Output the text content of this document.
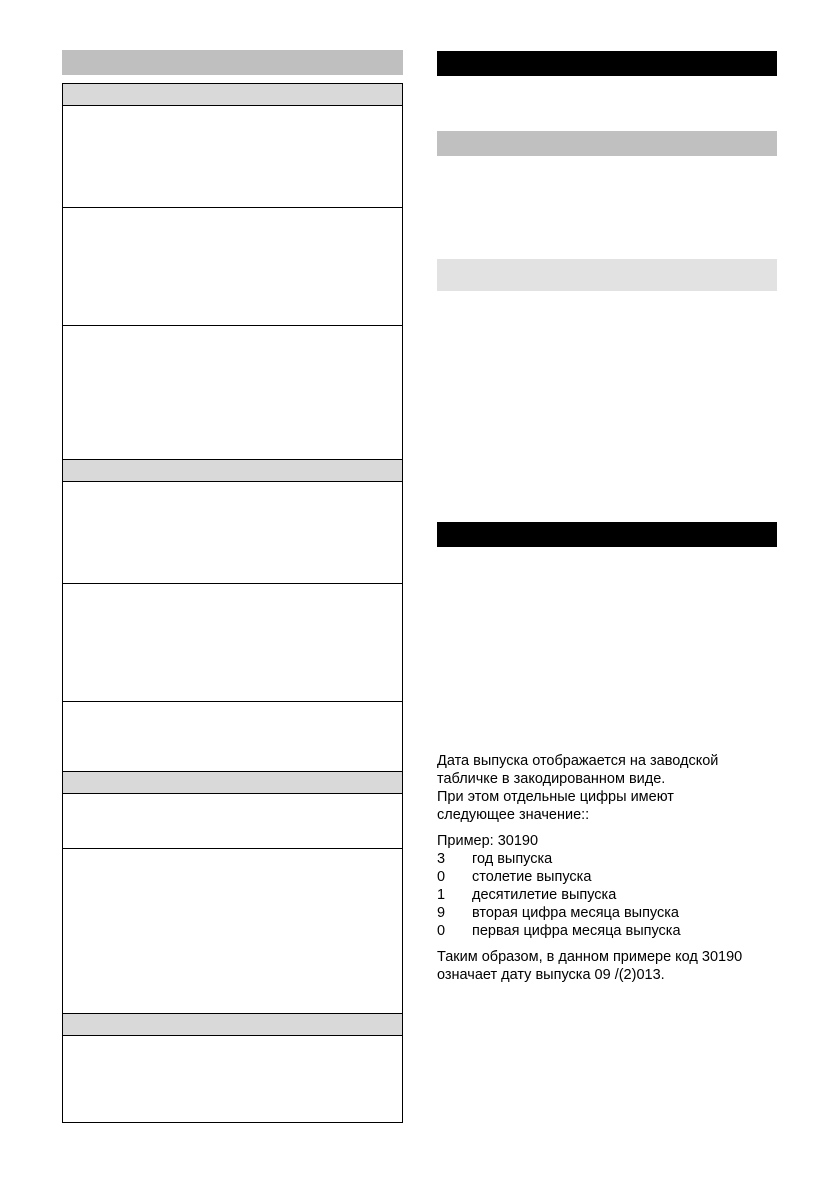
Дата выпуска отображается на заводской

табличке в закодированном виде.

При этом отдельные цифры имеют

следующее значение::

Пример: 30190

3	год выпуска
0	столетие выпуска
1	десятилетие выпуска
9	вторая цифра месяца выпуска
0	первая цифра месяца выпуска

Таким образом, в данном примере код 30190

означает дату выпуска 09 /(2)013.
